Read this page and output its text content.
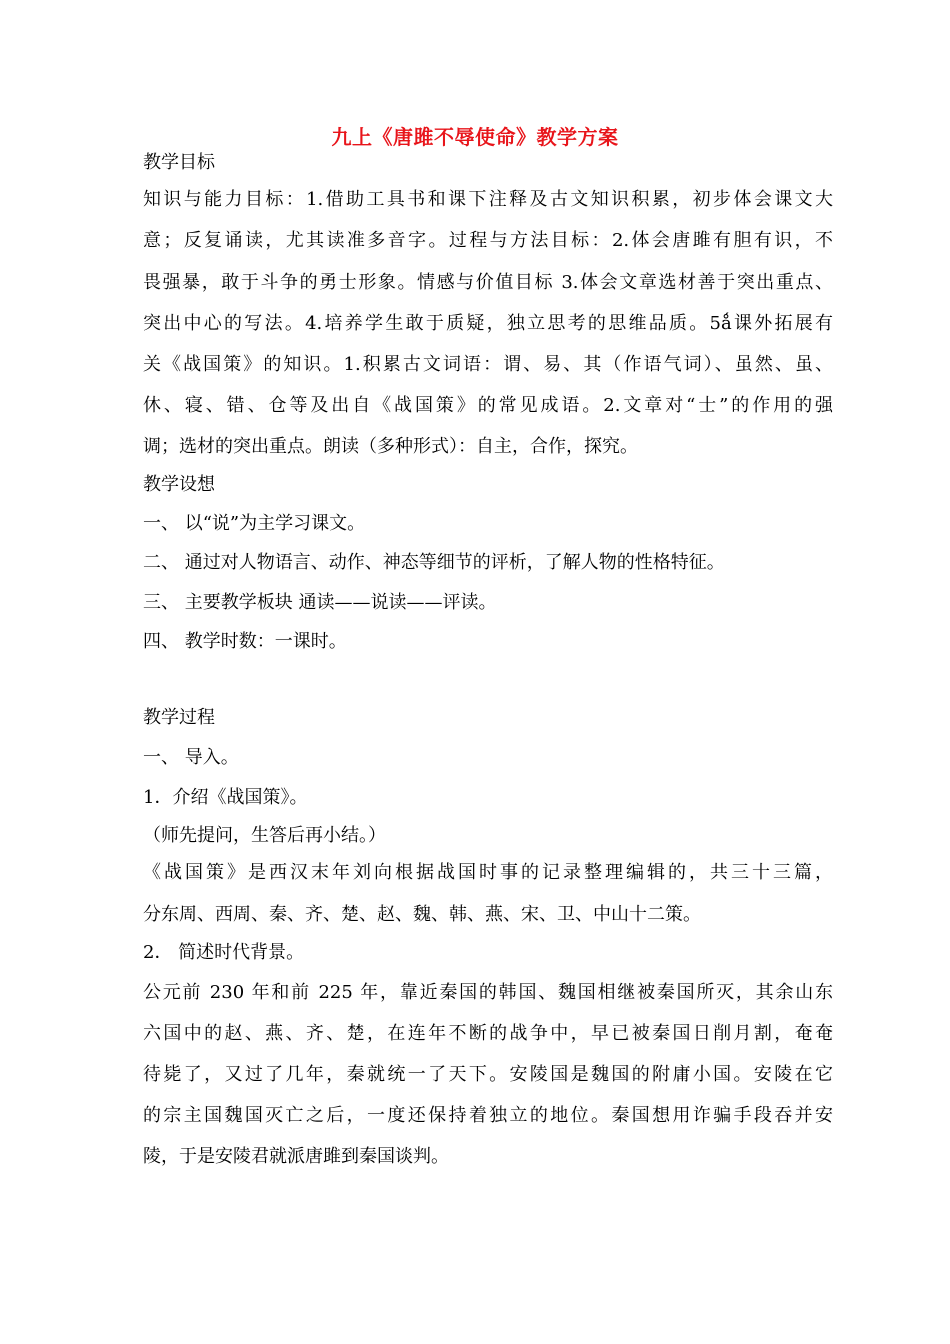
九上《唐雎不辱使命》教学方案
教学目标
知识与能力目标：1.借助工具书和课下注释及古文知识积累，初步体会课文大
意；反复诵读，尤其读准多音字。过程与方法目标：2.体会唐雎有胆有识，不
畏强暴，敢于斗争的勇士形象。情感与价值目标 3.体会文章选材善于突出重点、
突出中心的写法。4.培养学生敢于质疑，独立思考的思维品质。5ǻ课外拓展有
关《战国策》的知识。1.积累古文词语：谓、易、其（作语气词）、虽然、虽、
休、寝、错、仓等及出自《战国策》的常见成语。2.文章对“士”的作用的强
调；选材的突出重点。朗读（多种形式）：自主，合作，探究。
教学设想
一、 以“说”为主学习课文。
二、 通过对人物语言、动作、神态等细节的评析，了解人物的性格特征。
三、 主要教学板块 通读——说读——评读。
四、 教学时数：一课时。
教学过程
一、 导入。
1．介绍《战国策》。
（师先提问，生答后再小结。）
《战国策》是西汉末年刘向根据战国时事的记录整理编辑的，共三十三篇，
分东周、西周、秦、齐、楚、赵、魏、韩、燕、宋、卫、中山十二策。
2． 简述时代背景。
公元前 230 年和前 225 年，靠近秦国的韩国、魏国相继被秦国所灭，其余山东
六国中的赵、燕、齐、楚，在连年不断的战争中，早已被秦国日削月割，奄奄
待毙了，又过了几年，秦就统一了天下。安陵国是魏国的附庸小国。安陵在它
的宗主国魏国灭亡之后，一度还保持着独立的地位。秦国想用诈骗手段吞并安
陵，于是安陵君就派唐雎到秦国谈判。
